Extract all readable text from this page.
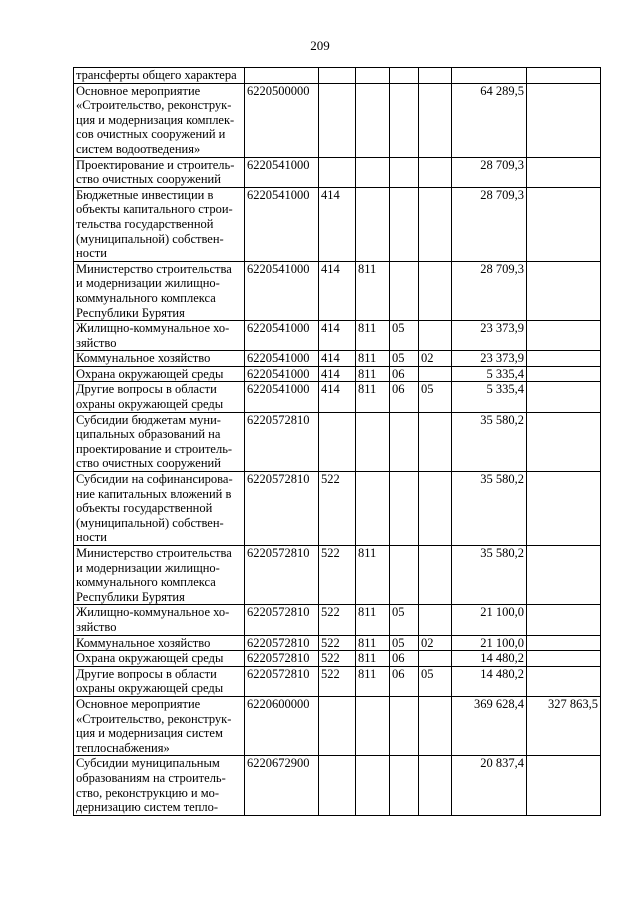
209
трансферты общего характера							
Основное мероприятие
«Строительство, реконструк-
ция и модернизация комплек-
сов очистных сооружений и
систем водоотведения»	6220500000					64 289,5	
Проектирование и строитель-
ство очистных сооружений	6220541000					28 709,3	
Бюджетные инвестиции в
объекты капитального строи-
тельства государственной
(муниципальной) собствен-
ности	6220541000	414				28 709,3	
Министерство строительства
и модернизации жилищно-
коммунального комплекса
Республики Бурятия	6220541000	414	811			28 709,3	
Жилищно-коммунальное хо-
зяйство	6220541000	414	811	05		23 373,9	
Коммунальное хозяйство	6220541000	414	811	05	02	23 373,9	
Охрана окружающей среды	6220541000	414	811	06		5 335,4	
Другие вопросы в области
охраны окружающей среды	6220541000	414	811	06	05	5 335,4	
Субсидии бюджетам муни-
ципальных образований на
проектирование и строитель-
ство очистных сооружений	6220572810					35 580,2	
Субсидии на софинансирова-
ние капитальных вложений в
объекты государственной
(муниципальной) собствен-
ности	6220572810	522				35 580,2	
Министерство строительства
и модернизации жилищно-
коммунального комплекса
Республики Бурятия	6220572810	522	811			35 580,2	
Жилищно-коммунальное хо-
зяйство	6220572810	522	811	05		21 100,0	
Коммунальное хозяйство	6220572810	522	811	05	02	21 100,0	
Охрана окружающей среды	6220572810	522	811	06		14 480,2	
Другие вопросы в области
охраны окружающей среды	6220572810	522	811	06	05	14 480,2	
Основное мероприятие
«Строительство, реконструк-
ция и модернизация систем
теплоснабжения»	6220600000					369 628,4	327 863,5
Субсидии муниципальным
образованиям на строитель-
ство, реконструкцию и мо-
дернизацию систем тепло-	6220672900					20 837,4	
